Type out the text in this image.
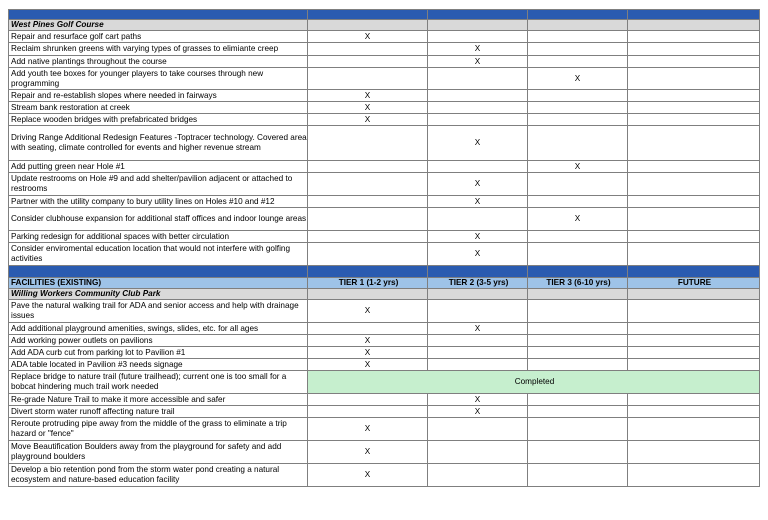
West Pines Golf Course				
Repair and resurface golf cart paths	X			
Reclaim shrunken greens with varying types of grasses to elimiante creep		X		
Add native plantings throughout the course		X		
Add youth tee boxes for younger players to take courses through new programming			X	
Repair and re-establish slopes where needed in fairways	X			
Stream bank restoration at creek	X			
Replace wooden bridges with prefabricated bridges	X			
Driving Range Additional Redesign Features -Toptracer technology. Covered area with seating, climate controlled for events and higher revenue stream		X		
Add putting green near Hole #1			X	
Update restrooms on Hole #9 and add shelter/pavilion adjacent or attached to restrooms		X		
Partner with the utility company to bury utility lines on Holes #10 and #12		X		
Consider clubhouse expansion for additional staff offices and indoor lounge areas			X	
Parking redesign for additional spaces with better circulation		X		
Consider enviromental education location that would not interfere with golfing activities		X		

FACILITIES (EXISTING)	TIER 1 (1-2 yrs)	TIER 2 (3-5 yrs)	TIER 3 (6-10 yrs)	FUTURE
Willing Workers Community Club Park				
Pave the natural walking trail for ADA and senior access and help with drainage issues	X			
Add additional playground amenities, swings, slides, etc. for all ages		X		
Add working power outlets on pavilions	X			
Add ADA curb cut from parking lot to Pavilion #1	X			
ADA table located in Pavilion #3 needs signage	X			
Replace bridge to nature trail (future trailhead); current one is too small for a bobcat hindering much trail work needed	Completed			
Re-grade Nature Trail to make it more accessible and safer		X		
Divert storm water runoff affecting nature trail		X		
Reroute protruding pipe away from the middle of the grass to eliminate a trip hazard or "fence"	X			
Move Beautification Boulders away from the playground for safety and add playground boulders	X			
Develop a bio retention pond from the storm water pond creating a natural ecosystem and nature-based education facility	X			
